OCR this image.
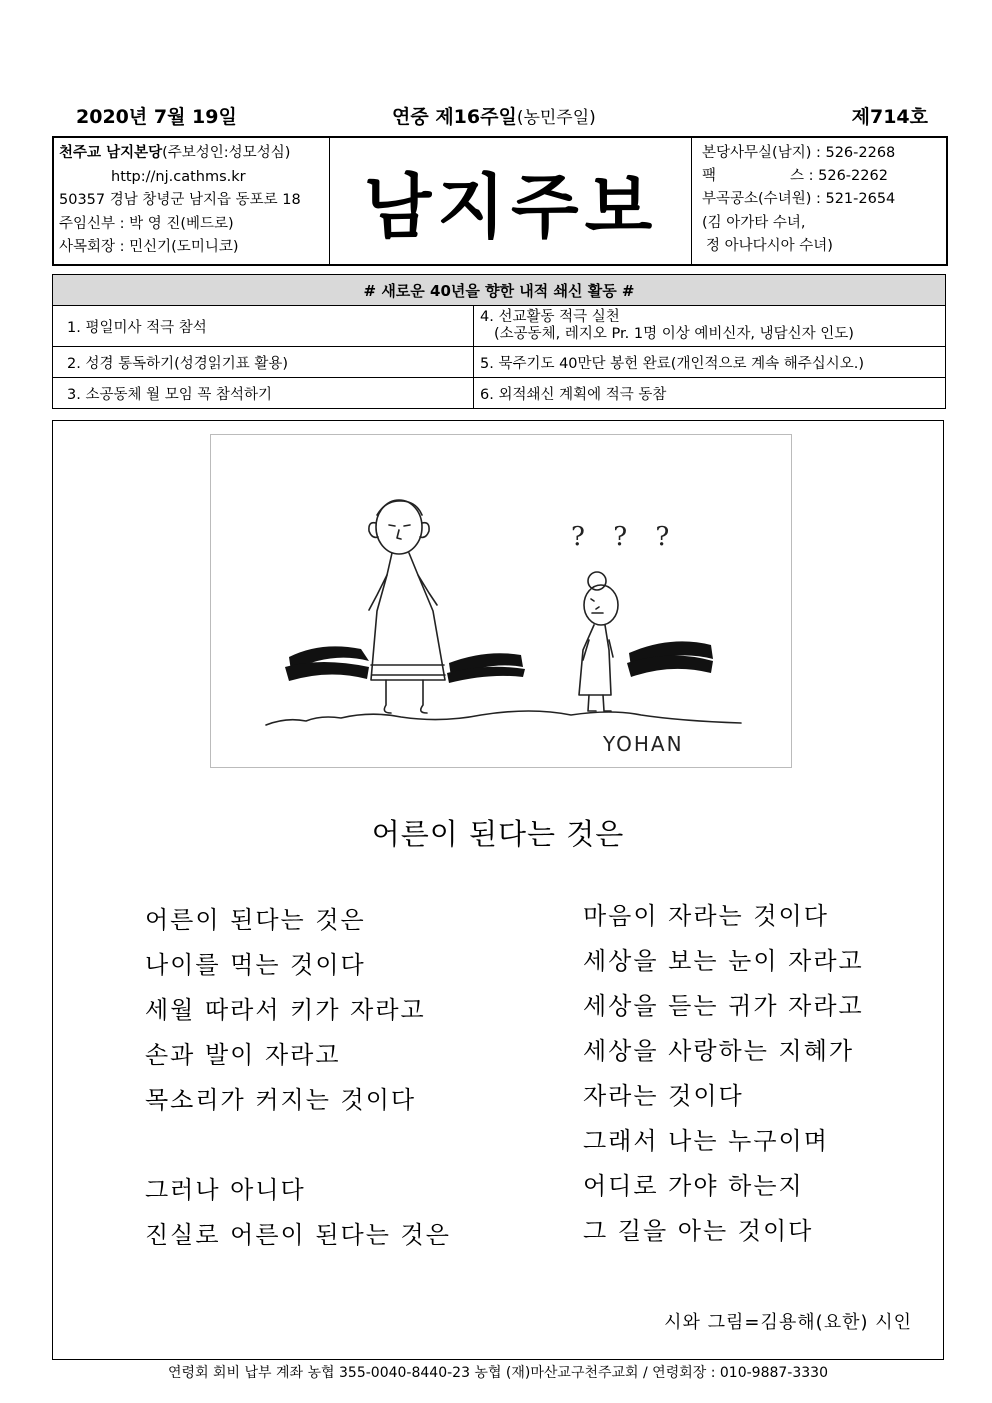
2020년 7월 19일	연중 제16주일(농민주일)	제714호
천주교 남지본당(주보성인:성모성심)
http://nj.cathms.kr
50357 경남 창녕군 남지읍 동포로 18
주임신부 : 박 영 진(베드로)
사목회장 : 민신기(도미니코)	남지주보
본당사무실(남지) : 526-2268
팩	스 : 526-2262
부곡공소(수녀원) : 521-2654
(김 아가타 수녀,
정 아나다시아 수녀)
# 새로운 40년을 향한 내적 쇄신 활동 #	
1. 평일미사 적극 참석	4. 선교활동 적극 실천
(소공동체, 레지오 Pr. 1명 이상 예비신자, 냉담신자 인도)

2. 성경 통독하기(성경읽기표 활용)	5. 묵주기도 40만단 봉헌 완료(개인적으로 계속 해주십시오.)
3. 소공동체 월 모임 꼭 참석하기	6. 외적쇄신 계획에 적극 동참
? ? ?
YOHAN
어른이 된다는 것은
어른이 된다는 것은
나이를 먹는 것이다
세월 따라서 키가 자라고
손과 발이 자라고
목소리가 커지는 것이다
그러나 아니다
진실로 어른이 된다는 것은
마음이 자라는 것이다
세상을 보는 눈이 자라고
세상을 듣는 귀가 자라고
세상을 사랑하는 지혜가
자라는 것이다
그래서 나는 누구이며
어디로 가야 하는지
그 길을 아는 것이다
시와 그림=김용해(요한) 시인
연령회 회비 납부 계좌 농협 355-0040-8440-23 농협 (재)마산교구천주교회 / 연령회장 : 010-9887-3330
